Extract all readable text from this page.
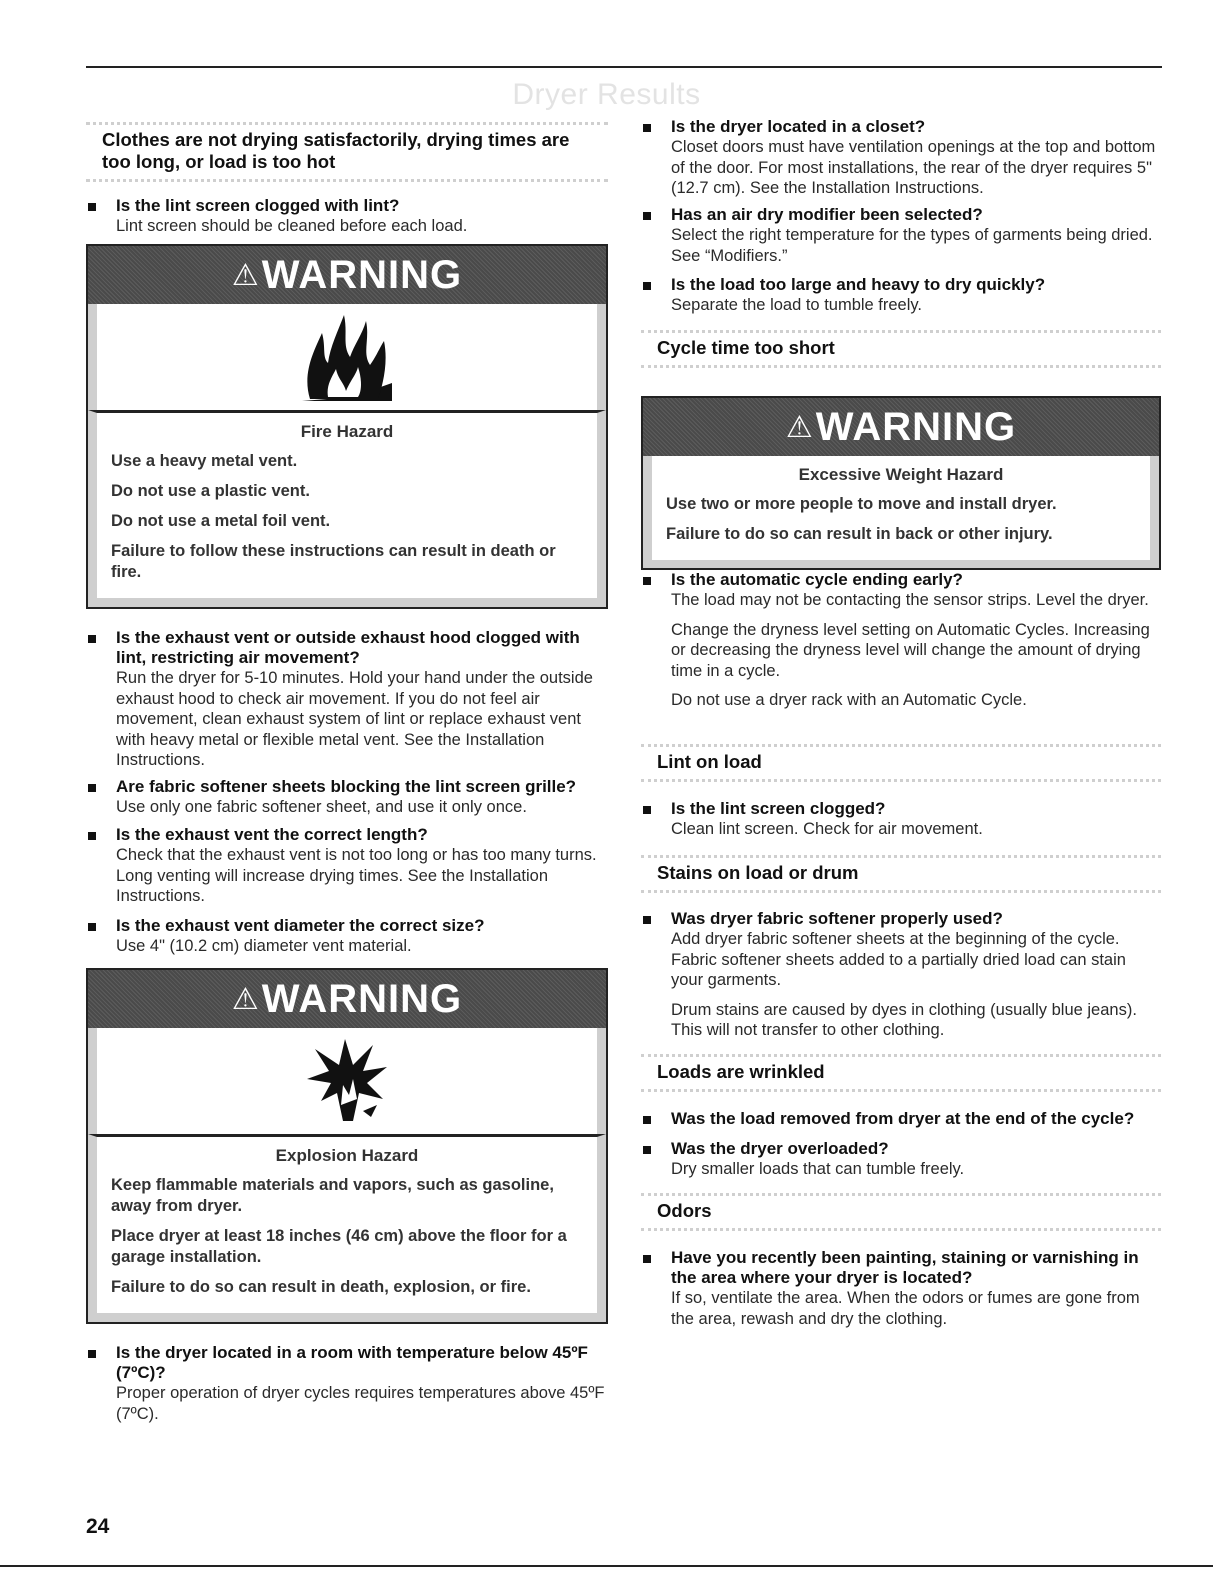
Dryer Results
Clothes are not drying satisfactorily, drying times are too long, or load is too hot
Is the lint screen clogged with lint?
Lint screen should be cleaned before each load.
⚠WARNING
Fire Hazard
Use a heavy metal vent.
Do not use a plastic vent.
Do not use a metal foil vent.
Failure to follow these instructions can result in death or fire.
Is the exhaust vent or outside exhaust hood clogged with lint, restricting air movement?
Run the dryer for 5-10 minutes. Hold your hand under the outside exhaust hood to check air movement. If you do not feel air movement, clean exhaust system of lint or replace exhaust vent with heavy metal or flexible metal vent. See the Installation Instructions.
Are fabric softener sheets blocking the lint screen grille?
Use only one fabric softener sheet, and use it only once.
Is the exhaust vent the correct length?
Check that the exhaust vent is not too long or has too many turns. Long venting will increase drying times. See the Installation Instructions.
Is the exhaust vent diameter the correct size?
Use 4" (10.2 cm) diameter vent material.
⚠WARNING
Explosion Hazard
Keep flammable materials and vapors, such as gasoline, away from dryer.
Place dryer at least 18 inches (46 cm) above the floor for a garage installation.
Failure to do so can result in death, explosion, or fire.
Is the dryer located in a room with temperature below 45ºF (7ºC)?
Proper operation of dryer cycles requires temperatures above 45ºF (7ºC).
Is the dryer located in a closet?
Closet doors must have ventilation openings at the top and bottom of the door. For most installations, the rear of the dryer requires 5" (12.7 cm). See the Installation Instructions.
Has an air dry modifier been selected?
Select the right temperature for the types of garments being dried. See “Modifiers.”
Is the load too large and heavy to dry quickly?
Separate the load to tumble freely.
Cycle time too short
⚠WARNING
Excessive Weight Hazard
Use two or more people to move and install dryer.
Failure to do so can result in back or other injury.
Is the automatic cycle ending early?
The load may not be contacting the sensor strips. Level the dryer.
Change the dryness level setting on Automatic Cycles. Increasing or decreasing the dryness level will change the amount of drying time in a cycle.
Do not use a dryer rack with an Automatic Cycle.
Lint on load
Is the lint screen clogged?
Clean lint screen. Check for air movement.
Stains on load or drum
Was dryer fabric softener properly used?
Add dryer fabric softener sheets at the beginning of the cycle. Fabric softener sheets added to a partially dried load can stain your garments.
Drum stains are caused by dyes in clothing (usually blue jeans). This will not transfer to other clothing.
Loads are wrinkled
Was the load removed from dryer at the end of the cycle?
Was the dryer overloaded?
Dry smaller loads that can tumble freely.
Odors
Have you recently been painting, staining or varnishing in the area where your dryer is located?
If so, ventilate the area. When the odors or fumes are gone from the area, rewash and dry the clothing.
24
